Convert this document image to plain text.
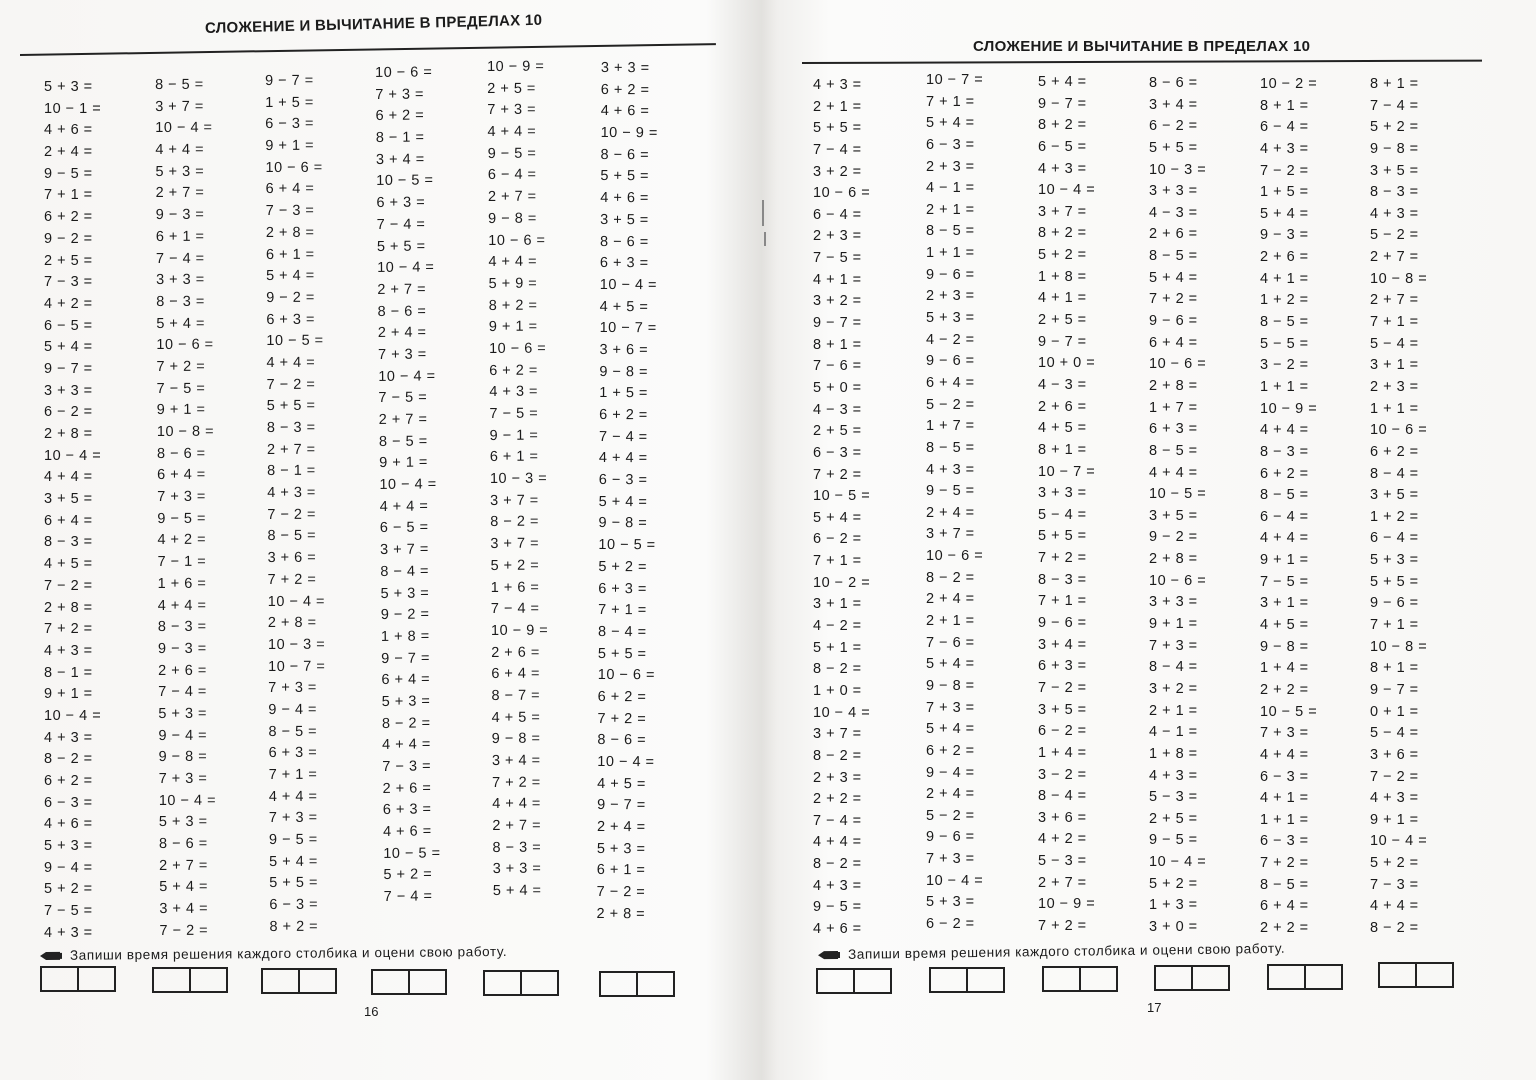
СЛОЖЕНИЕ И ВЫЧИТАНИЕ В ПРЕДЕЛАХ 10
5 + 3 =
10 − 1 =
4 + 6 =
2 + 4 =
9 − 5 =
7 + 1 =
6 + 2 =
9 − 2 =
2 + 5 =
7 − 3 =
4 + 2 =
6 − 5 =
5 + 4 =
9 − 7 =
3 + 3 =
6 − 2 =
2 + 8 =
10 − 4 =
4 + 4 =
3 + 5 =
6 + 4 =
8 − 3 =
4 + 5 =
7 − 2 =
2 + 8 =
7 + 2 =
4 + 3 =
8 − 1 =
9 + 1 =
10 − 4 =
4 + 3 =
8 − 2 =
6 + 2 =
6 − 3 =
4 + 6 =
5 + 3 =
9 − 4 =
5 + 2 =
7 − 5 =
4 + 3 =
8 − 5 =
3 + 7 =
10 − 4 =
4 + 4 =
5 + 3 =
2 + 7 =
9 − 3 =
6 + 1 =
7 − 4 =
3 + 3 =
8 − 3 =
5 + 4 =
10 − 6 =
7 + 2 =
7 − 5 =
9 + 1 =
10 − 8 =
8 − 6 =
6 + 4 =
7 + 3 =
9 − 5 =
4 + 2 =
7 − 1 =
1 + 6 =
4 + 4 =
8 − 3 =
9 − 3 =
2 + 6 =
7 − 4 =
5 + 3 =
9 − 4 =
9 − 8 =
7 + 3 =
10 − 4 =
5 + 3 =
8 − 6 =
2 + 7 =
5 + 4 =
3 + 4 =
7 − 2 =
9 − 7 =
1 + 5 =
6 − 3 =
9 + 1 =
10 − 6 =
6 + 4 =
7 − 3 =
2 + 8 =
6 + 1 =
5 + 4 =
9 − 2 =
6 + 3 =
10 − 5 =
4 + 4 =
7 − 2 =
5 + 5 =
8 − 3 =
2 + 7 =
8 − 1 =
4 + 3 =
7 − 2 =
8 − 5 =
3 + 6 =
7 + 2 =
10 − 4 =
2 + 8 =
10 − 3 =
10 − 7 =
7 + 3 =
9 − 4 =
8 − 5 =
6 + 3 =
7 + 1 =
4 + 4 =
7 + 3 =
9 − 5 =
5 + 4 =
5 + 5 =
6 − 3 =
8 + 2 =
10 − 6 =
7 + 3 =
6 + 2 =
8 − 1 =
3 + 4 =
10 − 5 =
6 + 3 =
7 − 4 =
5 + 5 =
10 − 4 =
2 + 7 =
8 − 6 =
2 + 4 =
7 + 3 =
10 − 4 =
7 − 5 =
2 + 7 =
8 − 5 =
9 + 1 =
10 − 4 =
4 + 4 =
6 − 5 =
3 + 7 =
8 − 4 =
5 + 3 =
9 − 2 =
1 + 8 =
9 − 7 =
6 + 4 =
5 + 3 =
8 − 2 =
4 + 4 =
7 − 3 =
2 + 6 =
6 + 3 =
4 + 6 =
10 − 5 =
5 + 2 =
7 − 4 =
10 − 9 =
2 + 5 =
7 + 3 =
4 + 4 =
9 − 5 =
6 − 4 =
2 + 7 =
9 − 8 =
10 − 6 =
4 + 4 =
5 + 9 =
8 + 2 =
9 + 1 =
10 − 6 =
6 + 2 =
4 + 3 =
7 − 5 =
9 − 1 =
6 + 1 =
10 − 3 =
3 + 7 =
8 − 2 =
3 + 7 =
5 + 2 =
1 + 6 =
7 − 4 =
10 − 9 =
2 + 6 =
6 + 4 =
8 − 7 =
4 + 5 =
9 − 8 =
3 + 4 =
7 + 2 =
4 + 4 =
2 + 7 =
8 − 3 =
3 + 3 =
5 + 4 =
3 + 3 =
6 + 2 =
4 + 6 =
10 − 9 =
8 − 6 =
5 + 5 =
4 + 6 =
3 + 5 =
8 − 6 =
6 + 3 =
10 − 4 =
4 + 5 =
10 − 7 =
3 + 6 =
9 − 8 =
1 + 5 =
6 + 2 =
7 − 4 =
4 + 4 =
6 − 3 =
5 + 4 =
9 − 8 =
10 − 5 =
5 + 2 =
6 + 3 =
7 + 1 =
8 − 4 =
5 + 5 =
10 − 6 =
6 + 2 =
7 + 2 =
8 − 6 =
10 − 4 =
4 + 5 =
9 − 7 =
2 + 4 =
5 + 3 =
6 + 1 =
7 − 2 =
2 + 8 =
Запиши время решения каждого столбика и оцени свою работу.
16
СЛОЖЕНИЕ И ВЫЧИТАНИЕ В ПРЕДЕЛАХ 10
4 + 3 =
2 + 1 =
5 + 5 =
7 − 4 =
3 + 2 =
10 − 6 =
6 − 4 =
2 + 3 =
7 − 5 =
4 + 1 =
3 + 2 =
9 − 7 =
8 + 1 =
7 − 6 =
5 + 0 =
4 − 3 =
2 + 5 =
6 − 3 =
7 + 2 =
10 − 5 =
5 + 4 =
6 − 2 =
7 + 1 =
10 − 2 =
3 + 1 =
4 − 2 =
5 + 1 =
8 − 2 =
1 + 0 =
10 − 4 =
3 + 7 =
8 − 2 =
2 + 3 =
2 + 2 =
7 − 4 =
4 + 4 =
8 − 2 =
4 + 3 =
9 − 5 =
4 + 6 =
10 − 7 =
7 + 1 =
5 + 4 =
6 − 3 =
2 + 3 =
4 − 1 =
2 + 1 =
8 − 5 =
1 + 1 =
9 − 6 =
2 + 3 =
5 + 3 =
4 − 2 =
9 − 6 =
6 + 4 =
5 − 2 =
1 + 7 =
8 − 5 =
4 + 3 =
9 − 5 =
2 + 4 =
3 + 7 =
10 − 6 =
8 − 2 =
2 + 4 =
2 + 1 =
7 − 6 =
5 + 4 =
9 − 8 =
7 + 3 =
5 + 4 =
6 + 2 =
9 − 4 =
2 + 4 =
5 − 2 =
9 − 6 =
7 + 3 =
10 − 4 =
5 + 3 =
6 − 2 =
5 + 4 =
9 − 7 =
8 + 2 =
6 − 5 =
4 + 3 =
10 − 4 =
3 + 7 =
8 + 2 =
5 + 2 =
1 + 8 =
4 + 1 =
2 + 5 =
9 − 7 =
10 + 0 =
4 − 3 =
2 + 6 =
4 + 5 =
8 + 1 =
10 − 7 =
3 + 3 =
5 − 4 =
5 + 5 =
7 + 2 =
8 − 3 =
7 + 1 =
9 − 6 =
3 + 4 =
6 + 3 =
7 − 2 =
3 + 5 =
6 − 2 =
1 + 4 =
3 − 2 =
8 − 4 =
3 + 6 =
4 + 2 =
5 − 3 =
2 + 7 =
10 − 9 =
7 + 2 =
8 − 6 =
3 + 4 =
6 − 2 =
5 + 5 =
10 − 3 =
3 + 3 =
4 − 3 =
2 + 6 =
8 − 5 =
5 + 4 =
7 + 2 =
9 − 6 =
6 + 4 =
10 − 6 =
2 + 8 =
1 + 7 =
6 + 3 =
8 − 5 =
4 + 4 =
10 − 5 =
3 + 5 =
9 − 2 =
2 + 8 =
10 − 6 =
3 + 3 =
9 + 1 =
7 + 3 =
8 − 4 =
3 + 2 =
2 + 1 =
4 − 1 =
1 + 8 =
4 + 3 =
5 − 3 =
2 + 5 =
9 − 5 =
10 − 4 =
5 + 2 =
1 + 3 =
3 + 0 =
10 − 2 =
8 + 1 =
6 − 4 =
4 + 3 =
7 − 2 =
1 + 5 =
5 + 4 =
9 − 3 =
2 + 6 =
4 + 1 =
1 + 2 =
8 − 5 =
5 − 5 =
3 − 2 =
1 + 1 =
10 − 9 =
4 + 4 =
8 − 3 =
6 + 2 =
8 − 5 =
6 − 4 =
4 + 4 =
9 + 1 =
7 − 5 =
3 + 1 =
4 + 5 =
9 − 8 =
1 + 4 =
2 + 2 =
10 − 5 =
7 + 3 =
4 + 4 =
6 − 3 =
4 + 1 =
1 + 1 =
6 − 3 =
7 + 2 =
8 − 5 =
6 + 4 =
2 + 2 =
8 + 1 =
7 − 4 =
5 + 2 =
9 − 8 =
3 + 5 =
8 − 3 =
4 + 3 =
5 − 2 =
2 + 7 =
10 − 8 =
2 + 7 =
7 + 1 =
5 − 4 =
3 + 1 =
2 + 3 =
1 + 1 =
10 − 6 =
6 + 2 =
8 − 4 =
3 + 5 =
1 + 2 =
6 − 4 =
5 + 3 =
5 + 5 =
9 − 6 =
7 + 1 =
10 − 8 =
8 + 1 =
9 − 7 =
0 + 1 =
5 − 4 =
3 + 6 =
7 − 2 =
4 + 3 =
9 + 1 =
10 − 4 =
5 + 2 =
7 − 3 =
4 + 4 =
8 − 2 =
Запиши время решения каждого столбика и оцени свою работу.
17
